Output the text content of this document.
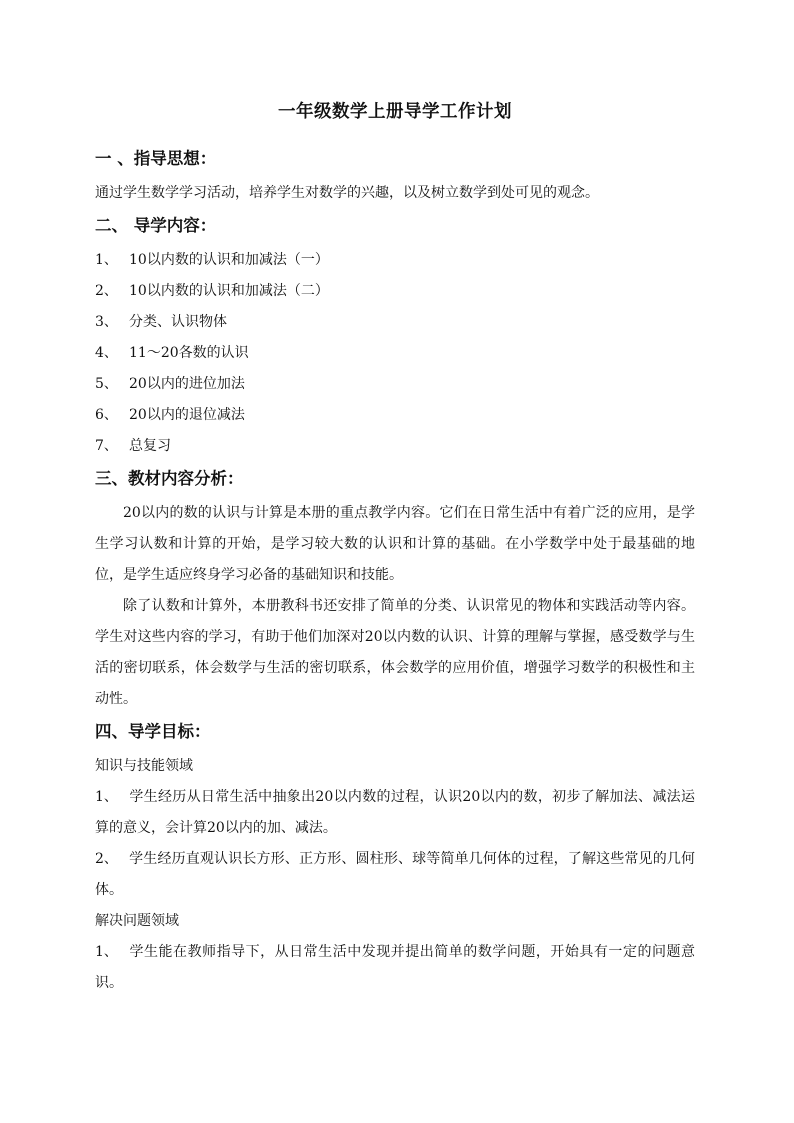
一年级数学上册导学工作计划
一 、指导思想：

通过学生数学学习活动，培养学生对数学的兴趣，以及树立数学到处可见的观念。

二、 导学内容：
1、 10以内数的认识和加减法（一）
2、 10以内数的认识和加减法（二）
3、 分类、认识物体
4、 11～20各数的认识
5、 20以内的进位加法
6、 20以内的退位减法
7、 总复习
三、教材内容分析：

20以内的数的认识与计算是本册的重点教学内容。它们在日常生活中有着广泛的应用，是学生学习认数和计算的开始，是学习较大数的认识和计算的基础。在小学数学中处于最基础的地位，是学生适应终身学习必备的基础知识和技能。

除了认数和计算外，本册教科书还安排了简单的分类、认识常见的物体和实践活动等内容。学生对这些内容的学习，有助于他们加深对20以内数的认识、计算的理解与掌握，感受数学与生活的密切联系，体会数学与生活的密切联系，体会数学的应用价值，增强学习数学的积极性和主动性。

四、导学目标：

知识与技能领域

1、 学生经历从日常生活中抽象出20以内数的过程，认识20以内的数，初步了解加法、减法运算的意义，会计算20以内的加、减法。

2、 学生经历直观认识长方形、正方形、圆柱形、球等简单几何体的过程，了解这些常见的几何体。

解决问题领域

1、 学生能在教师指导下，从日常生活中发现并提出简单的数学问题，开始具有一定的问题意识。
